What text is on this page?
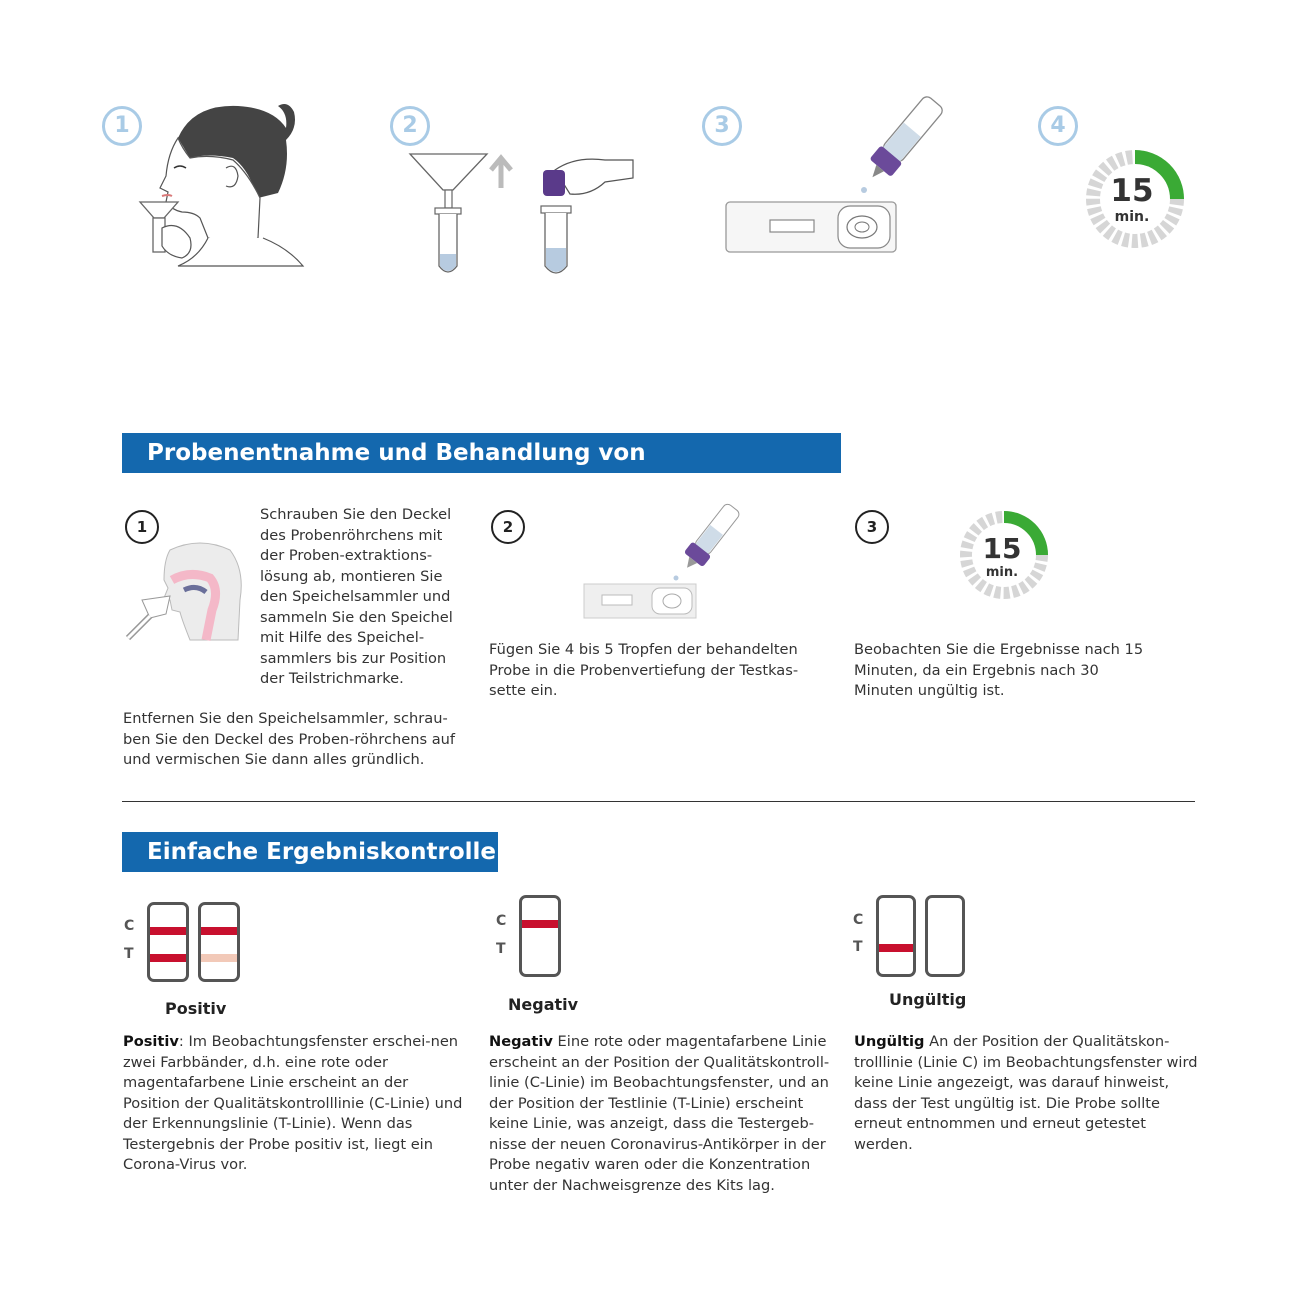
1	2	3	4
15
min.
Probenentnahme und Behandlung von Speichelproben
1
Schrauben Sie den Deckel des Probenröhrchens mit der Proben-extraktions-lösung ab, montieren Sie den Speichelsammler und sammeln Sie den Speichel mit Hilfe des Speichel-sammlers bis zur Position der Teilstrichmarke.
Entfernen Sie den Speichelsammler, schrau-ben Sie den Deckel des Proben-röhrchens auf und vermischen Sie dann alles gründlich.
2
Fügen Sie 4 bis 5 Tropfen der behandelten Probe in die Probenvertiefung der Testkas-sette ein.
3
15
min.
Beobachten Sie die Ergebnisse nach 15 Minuten, da ein Ergebnis nach 30 Minuten ungültig ist.
Einfache Ergebniskontrolle
C
T
Positiv
C
T
Negativ
C
T
Ungültig
Positiv: Im Beobachtungsfenster erschei-nen zwei Farbbänder, d.h. eine rote oder magentafarbene Linie erscheint an der Position der Qualitätskontrolllinie (C-Linie) und der Erkennungslinie (T-Linie). Wenn das Testergebnis der Probe positiv ist, liegt ein Corona-Virus vor.
Negativ Eine rote oder magentafarbene Linie erscheint an der Position der Qualitätskontroll-linie (C-Linie) im Beobachtungsfenster, und an der Position der Testlinie (T-Linie) erscheint keine Linie, was anzeigt, dass die Testergeb-nisse der neuen Coronavirus-Antikörper in der Probe negativ waren oder die Konzentration unter der Nachweisgrenze des Kits lag.
Ungültig An der Position der Qualitätskon-trolllinie (Linie C) im Beobachtungsfenster wird keine Linie angezeigt, was darauf hinweist, dass der Test ungültig ist. Die Probe sollte erneut entnommen und erneut getestet werden.
